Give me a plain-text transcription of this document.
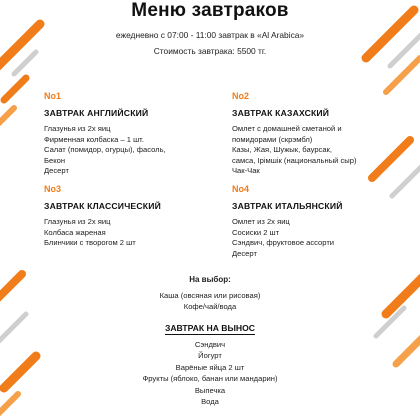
Меню завтраков
ежедневно с 07:00 - 11:00 завтрак в «Al Arabica»
Стоимость завтрака: 5500 тг.
No1
ЗАВТРАК АНГЛИЙСКИЙ
Глазунья из 2х яиц
Фирменная колбаска – 1 шт.
Салат (помидор, огурцы), фасоль,
Бекон
Десерт
No2
ЗАВТРАК КАЗАХСКИЙ
Омлет с домашней сметаной и
помидорами (скрэмбл)
Казы, Жая, Шужык, баурсак,
самса, Ірімшік (национальный сыр)
Чак-Чак
No3
ЗАВТРАК КЛАССИЧЕСКИЙ
Глазунья из 2х яиц
Колбаса жареная
Блинчики с творогом 2 шт
No4
ЗАВТРАК ИТАЛЬЯНСКИЙ
Омлет из 2х яиц
Сосиски 2 шт
Сэндвич, фруктовое ассорти
Десерт
На выбор:
Каша (овсяная или рисовая)
Кофе/чай/вода
ЗАВТРАК НА ВЫНОС
Сэндвич
Йогурт
Варёные яйца 2 шт
Фрукты (яблоко, банан или мандарин)
Выпечка
Вода
